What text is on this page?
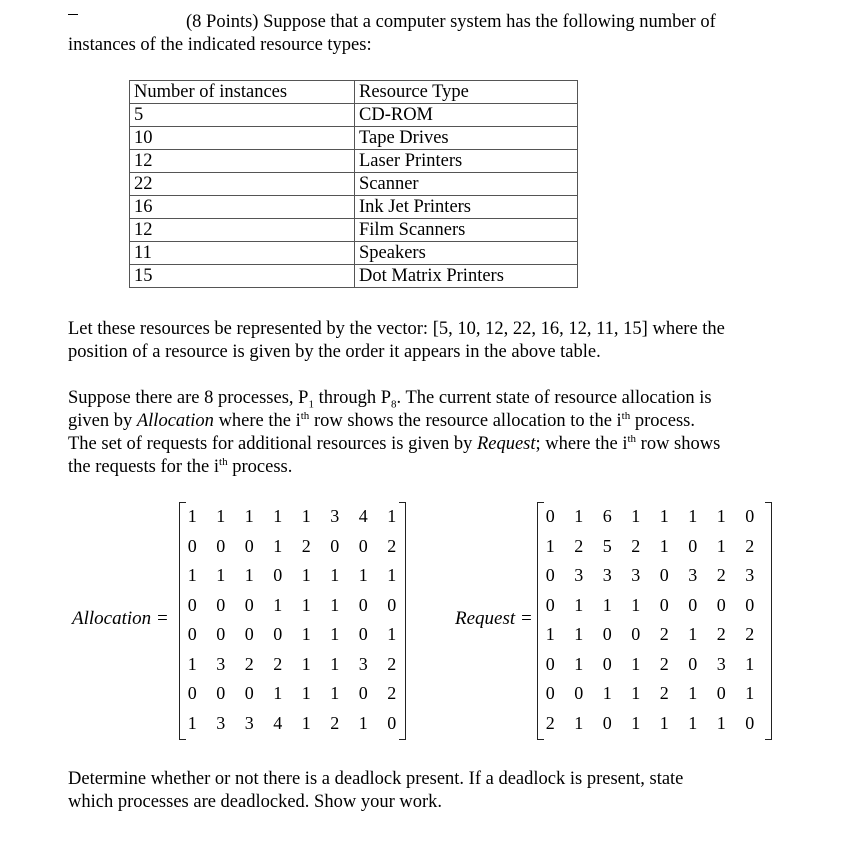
(8 Points) Suppose that a computer system has the following number of
instances of the indicated resource types:
Number of instances	Resource Type
5	CD-ROM
10	Tape Drives
12	Laser Printers
22	Scanner
16	Ink Jet Printers
12	Film Scanners
11	Speakers
15	Dot Matrix Printers
Let these resources be represented by the vector: [5, 10, 12, 22, 16, 12, 11, 15] where the
position of a resource is given by the order it appears in the above table.
Suppose there are 8 processes, $P_1$ through $P_8$. The current state of resource allocation is
given by Allocation where the $i^{th}$ row shows the resource allocation to the $i^{th}$ process.
The set of requests for additional resources is given by Request; where the $i^{th}$ row shows
the requests for the $i^{th}$ process.
Allocation =
1	1	1	1	1	3	4	1
0	0	0	1	2	0	0	2
1	1	1	0	1	1	1	1
0	0	0	1	1	1	0	0
0	0	0	0	1	1	0	1
1	3	2	2	1	1	3	2
0	0	0	1	1	1	0	2
1	3	3	4	1	2	1	0
Request =
0	1	6	1	1	1	1	0
1	2	5	2	1	0	1	2
0	3	3	3	0	3	2	3
0	1	1	1	0	0	0	0
1	1	0	0	2	1	2	2
0	1	0	1	2	0	3	1
0	0	1	1	2	1	0	1
2	1	0	1	1	1	1	0
Determine whether or not there is a deadlock present. If a deadlock is present, state
which processes are deadlocked. Show your work.
